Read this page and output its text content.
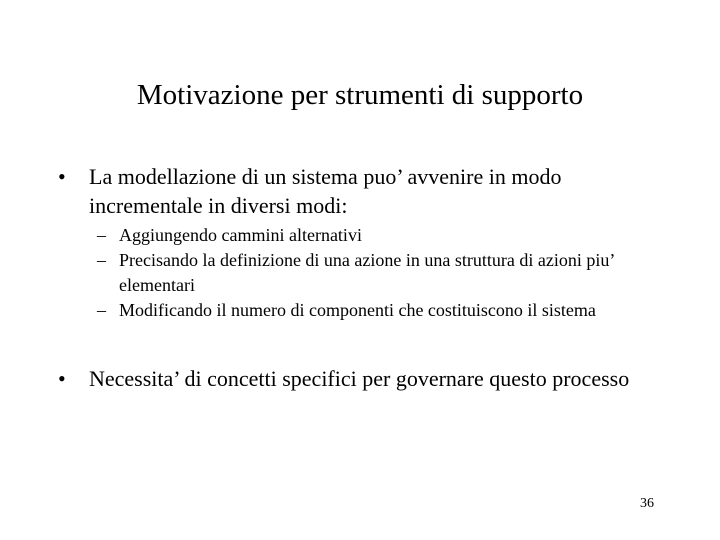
Motivazione per strumenti di supporto
• La modellazione di un sistema puo’ avvenire in modo incrementale in diversi modi:
– Aggiungendo cammini alternativi
– Precisando la definizione di una azione in una struttura di azioni piu’ elementari
– Modificando il numero di componenti che costituiscono il sistema
• Necessita’ di concetti specifici per governare questo processo
36
